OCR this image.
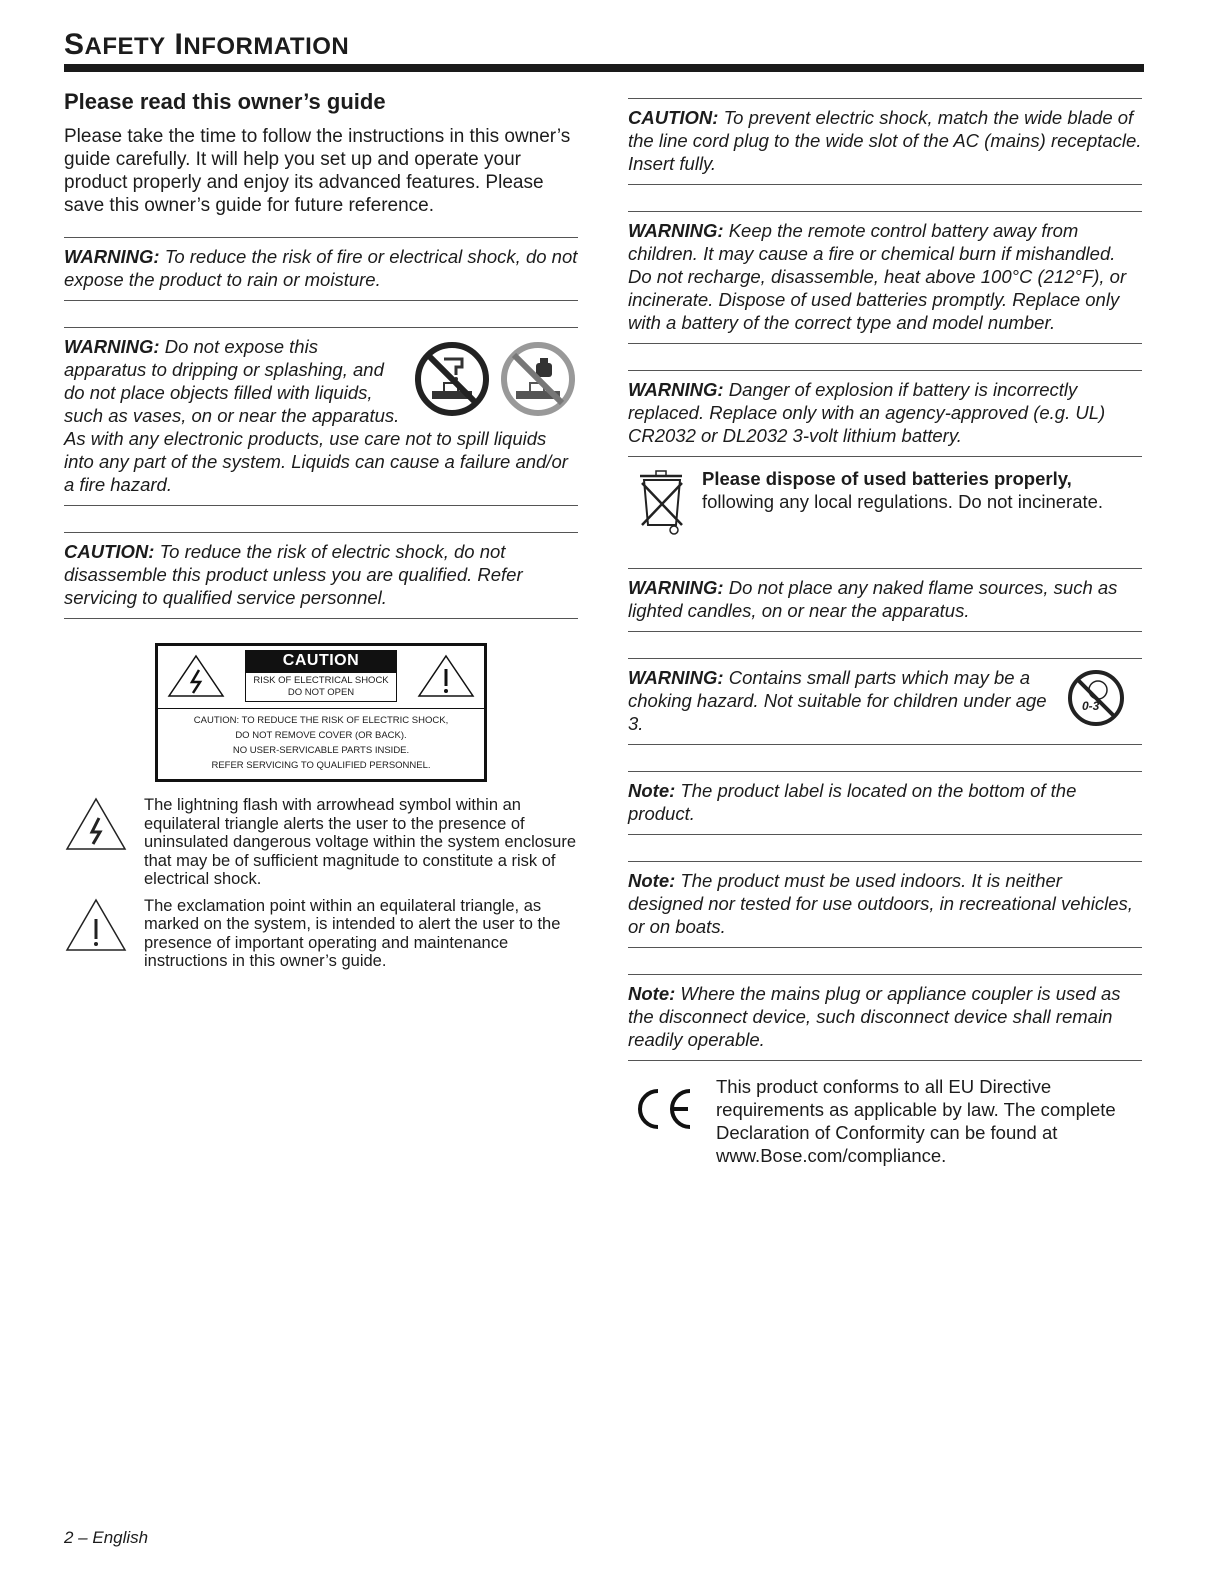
SAFETY INFORMATION
Please read this owner’s guide

Please take the time to follow the instructions in this owner’s guide carefully. It will help you set up and operate your product properly and enjoy its advanced features. Please save this owner’s guide for future reference.

WARNING: To reduce the risk of fire or electrical shock, do not expose the product to rain or moisture.
WARNING: Do not expose this apparatus to dripping or splashing, and do not place objects filled with liquids, such as vases, on or near the apparatus. As with any electronic products, use care not to spill liquids into any part of the system. Liquids can cause a failure and/or a fire hazard.
CAUTION: To reduce the risk of electric shock, do not disassemble this product unless you are qualified. Refer servicing to qualified service personnel.
CAUTION
RISK OF ELECTRICAL SHOCK
DO NOT OPEN
CAUTION: TO REDUCE THE RISK OF ELECTRIC SHOCK,
DO NOT REMOVE COVER (OR BACK).
NO USER-SERVICABLE PARTS INSIDE.
REFER SERVICING TO QUALIFIED PERSONNEL.

The lightning flash with arrowhead symbol within an equilateral triangle alerts the user to the presence of uninsulated dangerous voltage within the system enclosure that may be of sufficient magnitude to constitute a risk of electrical shock.

The exclamation point within an equilateral triangle, as marked on the system, is intended to alert the user to the presence of important operating and maintenance instructions in this owner’s guide.

CAUTION: To prevent electric shock, match the wide blade of the line cord plug to the wide slot of the AC (mains) receptacle. Insert fully.
WARNING: Keep the remote control battery away from children. It may cause a fire or chemical burn if mishandled. Do not recharge, disassemble, heat above 100°C (212°F), or incinerate. Dispose of used batteries promptly. Replace only with a battery of the correct type and model number.
WARNING: Danger of explosion if battery is incorrectly replaced. Replace only with an agency-approved (e.g. UL) CR2032 or DL2032 3-volt lithium battery.

Please dispose of used batteries properly,
following any local regulations. Do not incinerate.

WARNING: Do not place any naked flame sources, such as lighted candles, on or near the apparatus.
0-3
WARNING: Contains small parts which may be a choking hazard. Not suitable for children under age 3.
Note: The product label is located on the bottom of the product.
Note: The product must be used indoors. It is neither designed nor tested for use outdoors, in recreational vehicles, or on boats.
Note: Where the mains plug or appliance coupler is used as the disconnect device, such disconnect device shall remain readily operable.

This product conforms to all EU Directive requirements as applicable by law. The complete Declaration of Conformity can be found at www.Bose.com/compliance.

2 – English
